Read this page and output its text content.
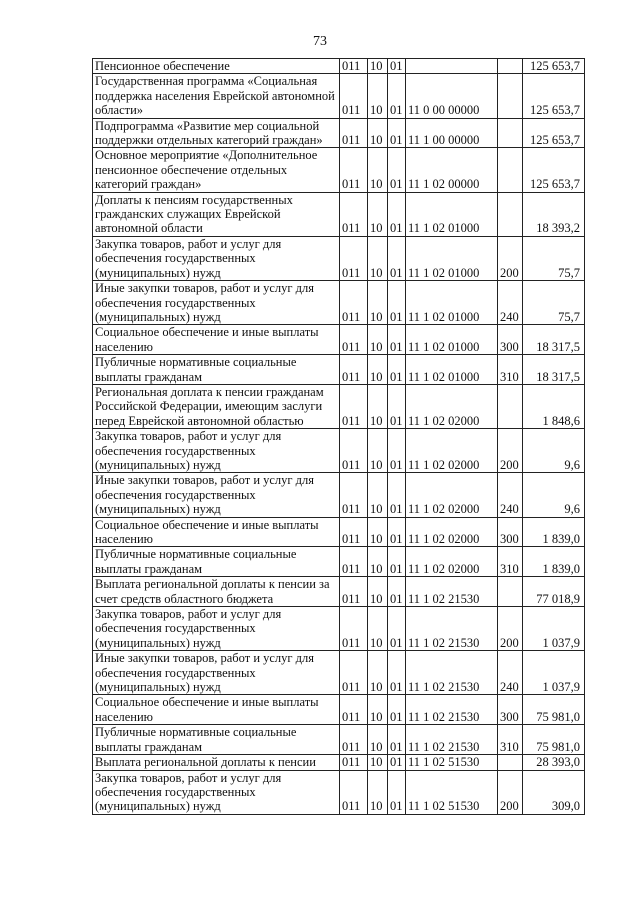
73
Пенсионное обеспечение	011	10	01			125 653,7
Государственная программа «Социальная поддержка населения Еврейской автономной области»	011	10	01	11 0 00 00000		125 653,7
Подпрограмма «Развитие мер социальной поддержки отдельных категорий граждан»	011	10	01	11 1 00 00000		125 653,7
Основное мероприятие «Дополнительное пенсионное обеспечение отдельных категорий граждан»	011	10	01	11 1 02 00000		125 653,7
Доплаты к пенсиям государственных гражданских служащих Еврейской автономной области	011	10	01	11 1 02 01000		18 393,2
Закупка товаров, работ и услуг для обеспечения государственных (муниципальных) нужд	011	10	01	11 1 02 01000	200	75,7
Иные закупки товаров, работ и услуг для обеспечения государственных (муниципальных) нужд	011	10	01	11 1 02 01000	240	75,7
Социальное обеспечение и иные выплаты населению	011	10	01	11 1 02 01000	300	18 317,5
Публичные нормативные социальные выплаты гражданам	011	10	01	11 1 02 01000	310	18 317,5
Региональная доплата к пенсии гражданам Российской Федерации, имеющим заслуги перед Еврейской автономной областью	011	10	01	11 1 02 02000		1 848,6
Закупка товаров, работ и услуг для обеспечения государственных (муниципальных) нужд	011	10	01	11 1 02 02000	200	9,6
Иные закупки товаров, работ и услуг для обеспечения государственных (муниципальных) нужд	011	10	01	11 1 02 02000	240	9,6
Социальное обеспечение и иные выплаты населению	011	10	01	11 1 02 02000	300	1 839,0
Публичные нормативные социальные выплаты гражданам	011	10	01	11 1 02 02000	310	1 839,0
Выплата региональной доплаты к пенсии за счет средств областного бюджета	011	10	01	11 1 02 21530		77 018,9
Закупка товаров, работ и услуг для обеспечения государственных (муниципальных) нужд	011	10	01	11 1 02 21530	200	1 037,9
Иные закупки товаров, работ и услуг для обеспечения государственных (муниципальных) нужд	011	10	01	11 1 02 21530	240	1 037,9
Социальное обеспечение и иные выплаты населению	011	10	01	11 1 02 21530	300	75 981,0
Публичные нормативные социальные выплаты гражданам	011	10	01	11 1 02 21530	310	75 981,0
Выплата региональной доплаты к пенсии	011	10	01	11 1 02 51530		28 393,0
Закупка товаров, работ и услуг для обеспечения государственных (муниципальных) нужд	011	10	01	11 1 02 51530	200	309,0
